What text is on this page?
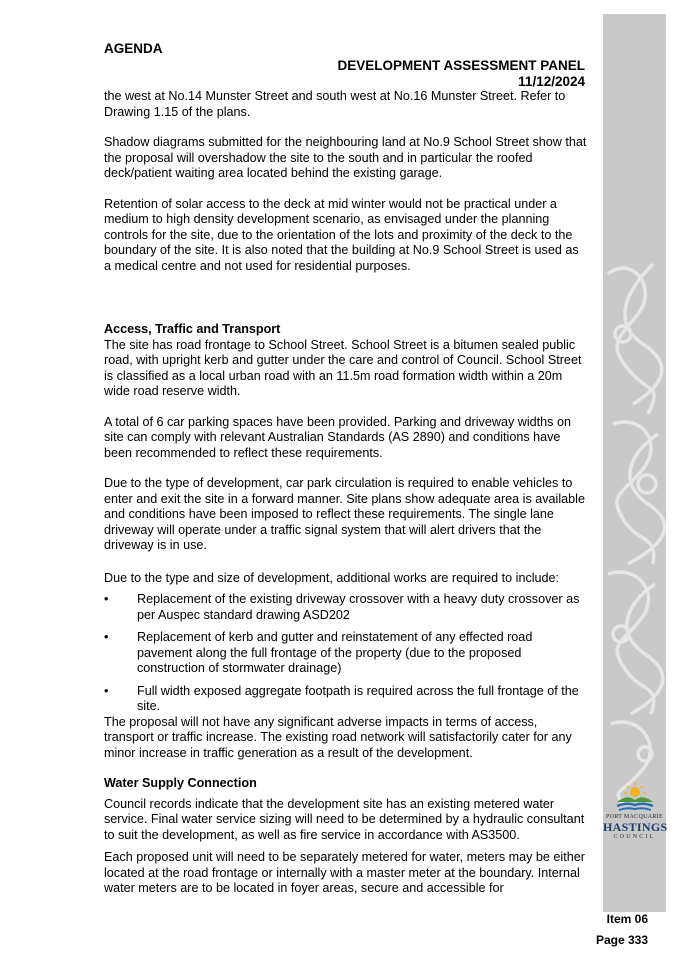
PORT MACQUARIE
HASTINGS
COUNCIL
AGENDA
DEVELOPMENT ASSESSMENT PANEL
11/12/2024

the west at No.14 Munster Street and south west at No.16 Munster Street. Refer to Drawing 1.15 of the plans.

Shadow diagrams submitted for the neighbouring land at No.9 School Street show that the proposal will overshadow the site to the south and in particular the roofed deck/patient waiting area located behind the existing garage.

Retention of solar access to the deck at mid winter would not be practical under a medium to high density development scenario, as envisaged under the planning controls for the site, due to the orientation of the lots and proximity of the deck to the boundary of the site. It is also noted that the building at No.9 School Street is used as a medical centre and not used for residential purposes.

Access, Traffic and Transport

The site has road frontage to School Street. School Street is a bitumen sealed public road, with upright kerb and gutter under the care and control of Council. School Street is classified as a local urban road with an 11.5m road formation width within a 20m wide road reserve width.

A total of 6 car parking spaces have been provided. Parking and driveway widths on site can comply with relevant Australian Standards (AS 2890) and conditions have been recommended to reflect these requirements.

Due to the type of development, car park circulation is required to enable vehicles to enter and exit the site in a forward manner. Site plans show adequate area is available and conditions have been imposed to reflect these requirements. The single lane driveway will operate under a traffic signal system that will alert drivers that the driveway is in use.

Due to the type and size of development, additional works are required to include:

• Replacement of the existing driveway crossover with a heavy duty crossover as per Auspec standard drawing ASD202
• Replacement of kerb and gutter and reinstatement of any effected road pavement along the full frontage of the property (due to the proposed construction of stormwater drainage)
• Full width exposed aggregate footpath is required across the full frontage of the site.

The proposal will not have any significant adverse impacts in terms of access, transport or traffic increase. The existing road network will satisfactorily cater for any minor increase in traffic generation as a result of the development.

Water Supply Connection

Council records indicate that the development site has an existing metered water service. Final water service sizing will need to be determined by a hydraulic consultant to suit the development, as well as fire service in accordance with AS3500.

Each proposed unit will need to be separately metered for water, meters may be either located at the road frontage or internally with a master meter at the boundary. Internal water meters are to be located in foyer areas, secure and accessible for

Item 06
Page 333
